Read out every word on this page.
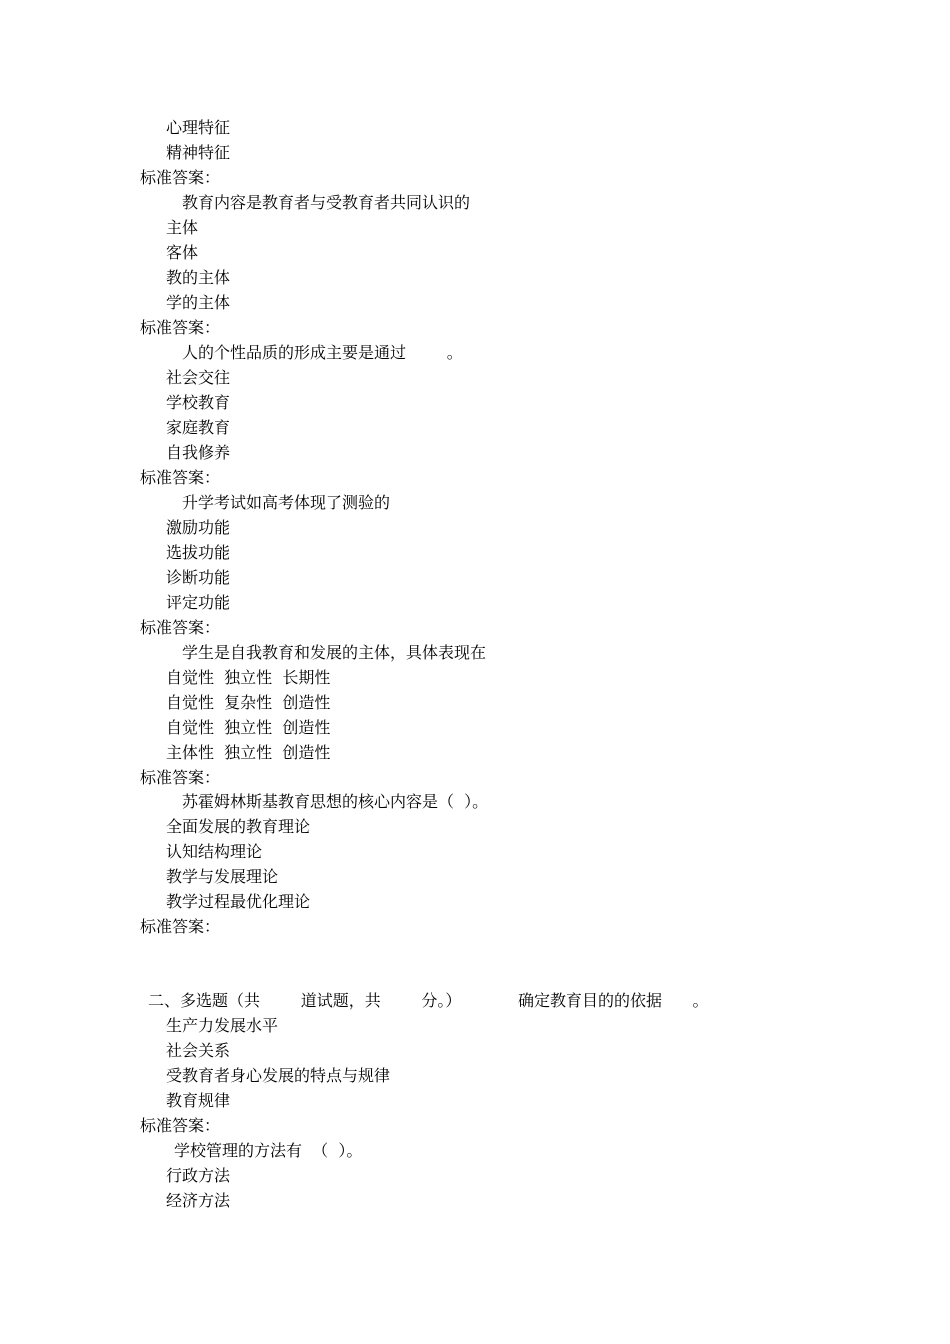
心理特征
精神特征
标准答案：
教育内容是教育者与受教育者共同认识的
主体
客体
教的主体
学的主体
标准答案：
人的个性品质的形成主要是通过        。
社会交往
学校教育
家庭教育
自我修养
标准答案：
升学考试如高考体现了测验的
激励功能
选拔功能
诊断功能
评定功能
标准答案：
学生是自我教育和发展的主体，具体表现在
自觉性  独立性  长期性
自觉性  复杂性  创造性
自觉性  独立性  创造性
主体性  独立性  创造性
标准答案：
苏霍姆林斯基教育思想的核心内容是（  ）。
全面发展的教育理论
认知结构理论
教学与发展理论
教学过程最优化理论
标准答案：
二、多选题（共        道试题，共        分。）	确定教育目的的依据      。
生产力发展水平
社会关系
受教育者身心发展的特点与规律
教育规律
标准答案：
学校管理的方法有  （  ）。
行政方法
经济方法
